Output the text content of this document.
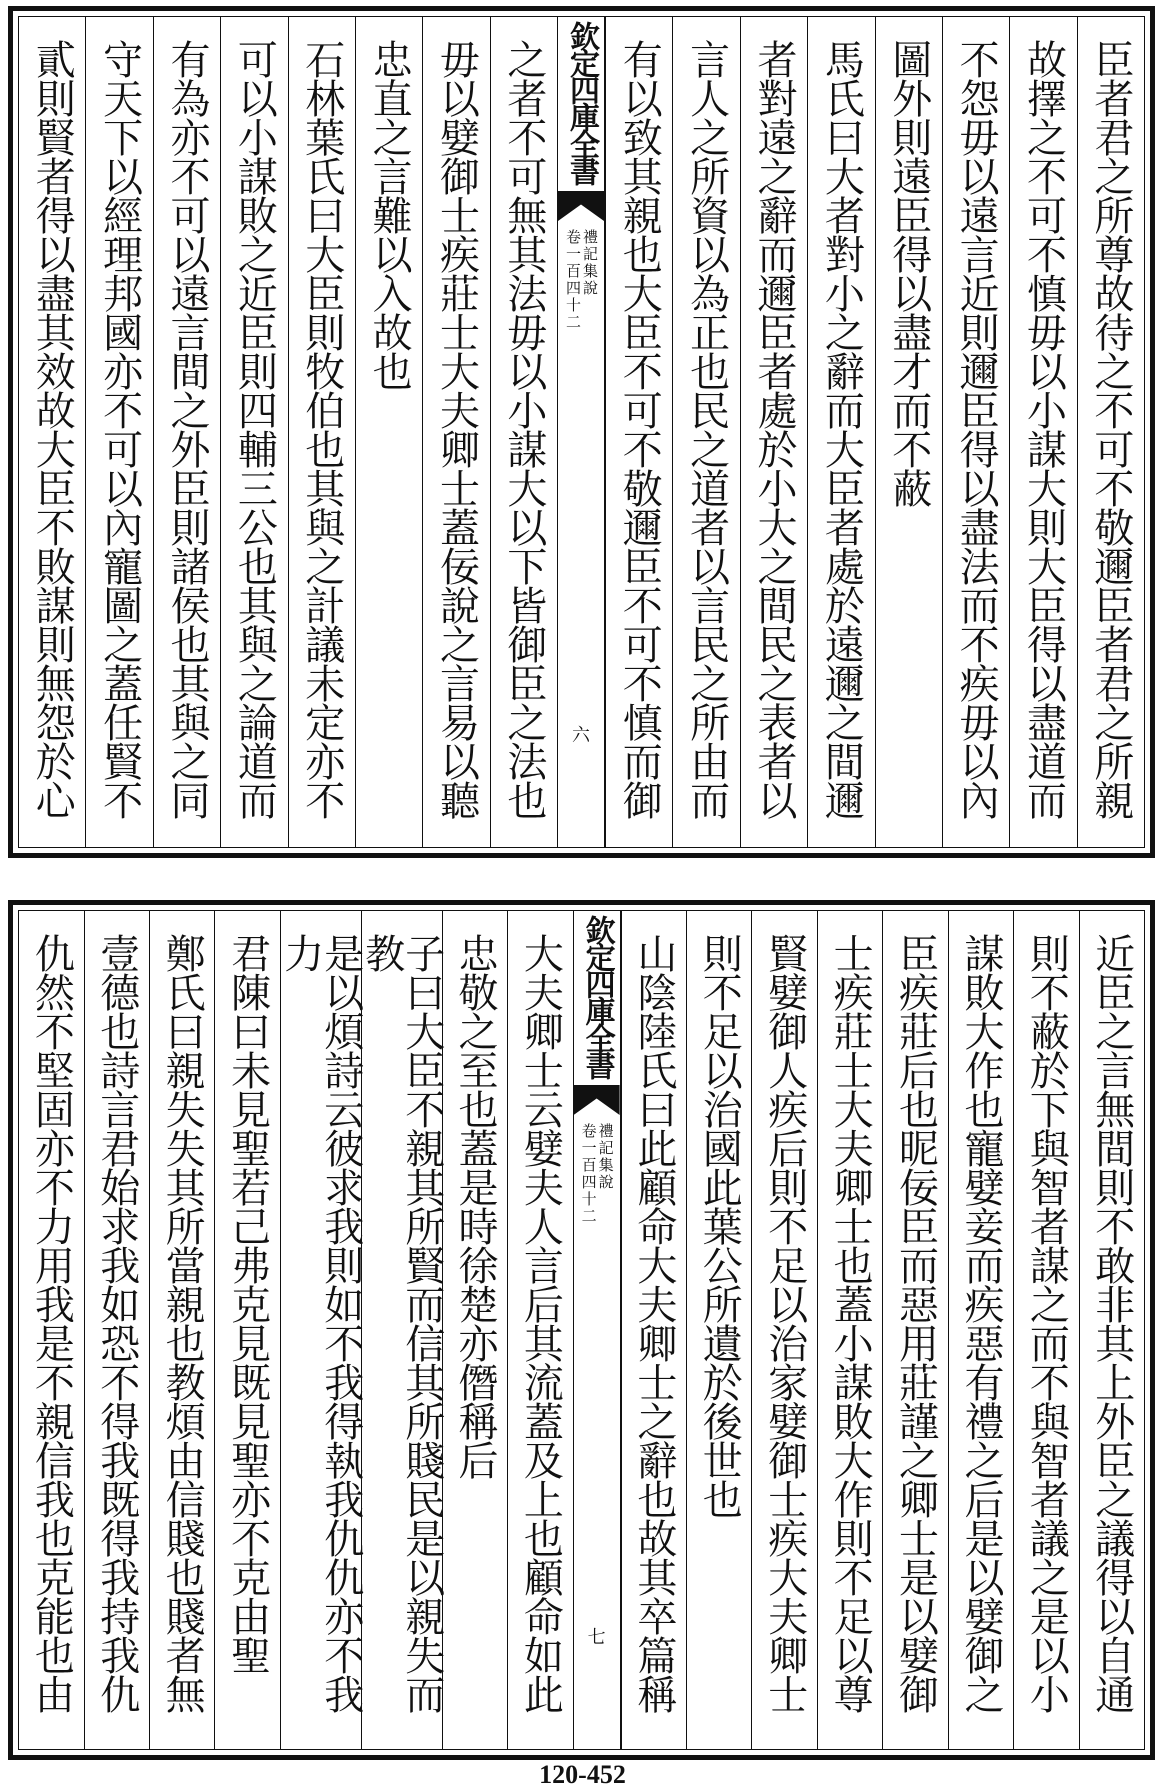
臣者君之所尊故待之不可不敬邇臣者君之所親
故擇之不可不慎毋以小謀大則大臣得以盡道而
不怨毋以遠言近則邇臣得以盡法而不疾毋以內
圖外則遠臣得以盡才而不蔽
馬氏曰大者對小之辭而大臣者處於遠邇之間邇
者對遠之辭而邇臣者處於小大之間民之表者以
言人之所資以為正也民之道者以言民之所由而
有以致其親也大臣不可不敬邇臣不可不慎而御
欽定四庫全書
禮記集說
卷一百四十二
六
之者不可無其法毋以小謀大以下皆御臣之法也
毋以嬖御士疾莊士大夫卿士蓋佞說之言易以聽
忠直之言難以入故也
石林葉氏曰大臣則牧伯也其與之計議未定亦不
可以小謀敗之近臣則四輔三公也其與之論道而
有為亦不可以遠言間之外臣則諸侯也其與之同
守天下以經理邦國亦不可以內寵圖之蓋任賢不
貳則賢者得以盡其效故大臣不敗謀則無怨於心
近臣之言無間則不敢非其上外臣之議得以自通
則不蔽於下與智者謀之而不與智者議之是以小
謀敗大作也寵嬖妾而疾惡有禮之后是以嬖御之
臣疾莊后也昵佞臣而惡用莊謹之卿士是以嬖御
士疾莊士大夫卿士也蓋小謀敗大作則不足以尊
賢嬖御人疾后則不足以治家嬖御士疾大夫卿士
則不足以治國此葉公所遺於後世也
山陰陸氏曰此顧命大夫卿士之辭也故其卒篇稱
欽定四庫全書
禮記集說
卷一百四十二
七
大夫卿士云嬖夫人言后其流蓋及上也顧命如此
忠敬之至也蓋是時徐楚亦僭稱后
子曰大臣不親其所賢而信其所賤民是以親失而教
是以煩詩云彼求我則如不我得執我仇仇亦不我力
君陳曰未見聖若己弗克見既見聖亦不克由聖
鄭氏曰親失失其所當親也教煩由信賤也賤者無
壹德也詩言君始求我如恐不得我既得我持我仇
仇然不堅固亦不力用我是不親信我也克能也由
120-452
